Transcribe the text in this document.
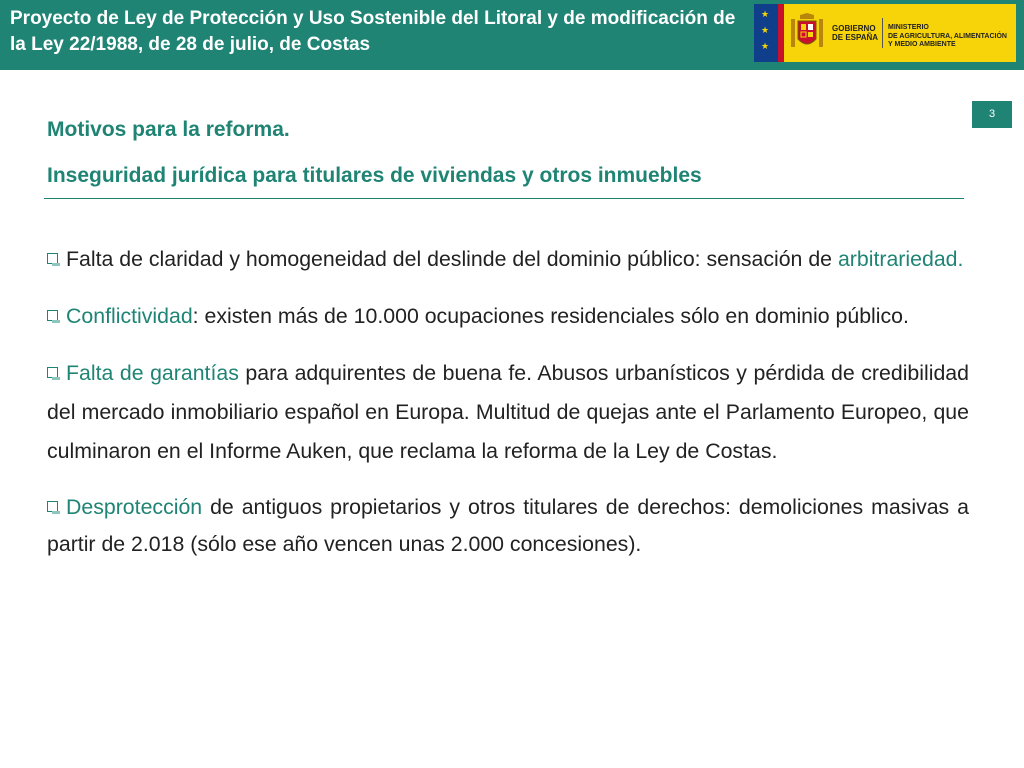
Proyecto de Ley de Protección y Uso Sostenible del Litoral y de modificación de la Ley 22/1988, de 28 de julio, de Costas
★
★
★
GOBIERNO
DE ESPAÑA
MINISTERIO
DE AGRICULTURA, ALIMENTACIÓN
Y MEDIO AMBIENTE
3
Motivos para la reforma.
Inseguridad jurídica para titulares de viviendas y otros inmuebles

Falta de claridad y homogeneidad del deslinde del dominio público: sensación de arbitrariedad.

Conflictividad: existen más de 10.000 ocupaciones residenciales sólo en dominio público.

Falta de garantías para adquirentes de buena fe. Abusos urbanísticos y pérdida de credibilidad del mercado inmobiliario español en Europa. Multitud de quejas ante el Parlamento Europeo, que culminaron en el Informe Auken, que reclama la reforma de la Ley de Costas.

Desprotección de antiguos propietarios y otros titulares de derechos: demoliciones masivas a partir de 2.018 (sólo ese año vencen unas 2.000 concesiones).
